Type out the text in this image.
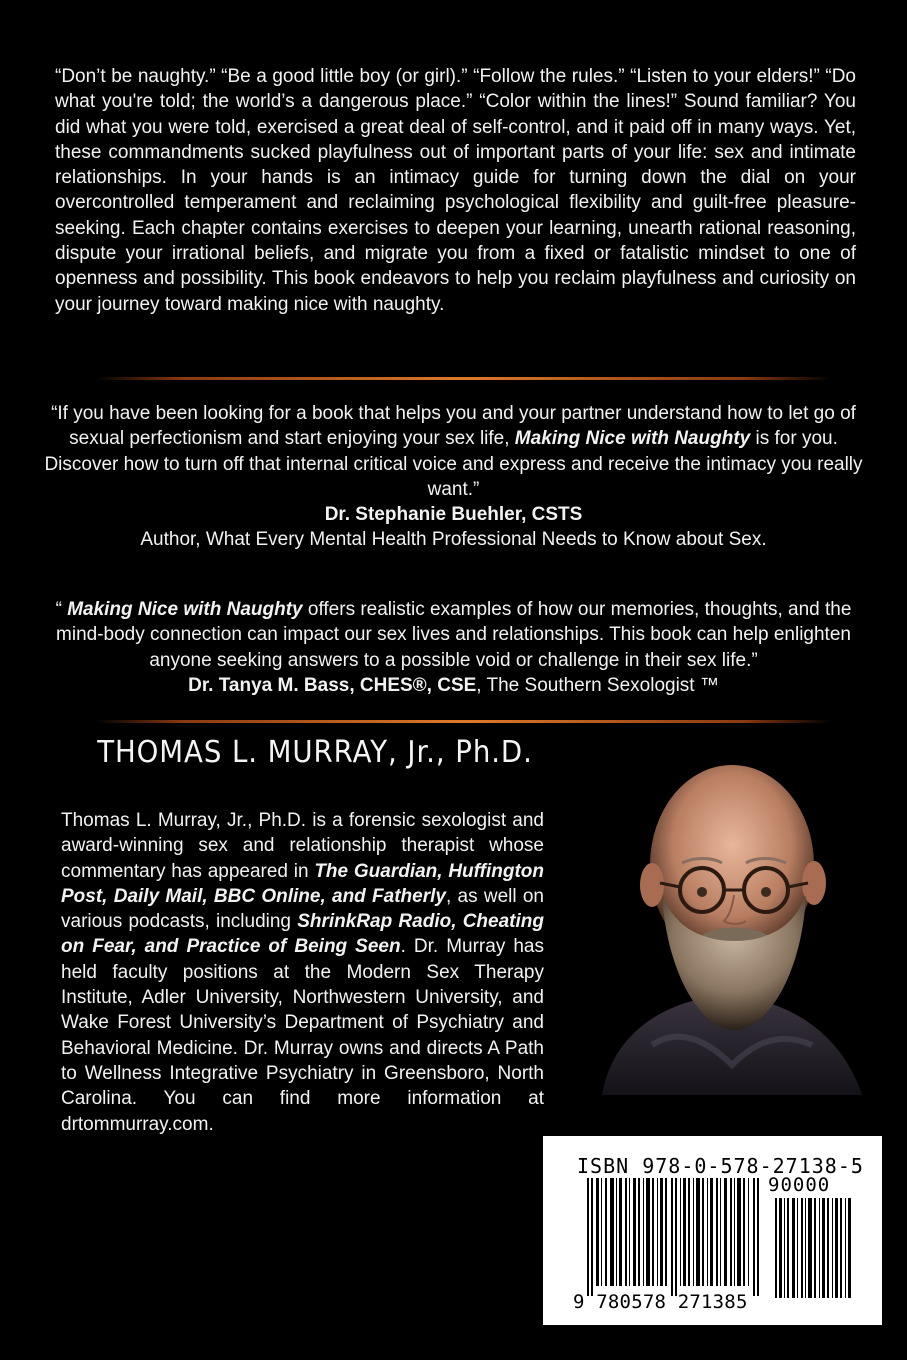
“Don’t be naughty.” “Be a good little boy (or girl).” “Follow the rules.” “Listen to your elders!” “Do what you're told; the world’s a dangerous place.” “Color within the lines!” Sound familiar? You did what you were told, exercised a great deal of self-control, and it paid off in many ways. Yet, these commandments sucked playfulness out of important parts of your life: sex and intimate relationships. In your hands is an intimacy guide for turning down the dial on your overcontrolled temperament and reclaiming psychological flexibility and guilt-free pleasure-seeking. Each chapter contains exercises to deepen your learning, unearth rational reasoning, dispute your irrational beliefs, and migrate you from a fixed or fatalistic mindset to one of openness and possibility. This book endeavors to help you reclaim playfulness and curiosity on your journey toward making nice with naughty.

“If you have been looking for a book that helps you and your partner understand how to let go of sexual perfectionism and start enjoying your sex life, Making Nice with Naughty is for you. Discover how to turn off that internal critical voice and express and receive the intimacy you really want.”
Dr. Stephanie Buehler, CSTS
Author, What Every Mental Health Professional Needs to Know about Sex.

“ Making Nice with Naughty offers realistic examples of how our memories, thoughts, and the mind-body connection can impact our sex lives and relationships. This book can help enlighten anyone seeking answers to a possible void or challenge in their sex life.”
Dr. Tanya M. Bass, CHES®, CSE, The Southern Sexologist ™

THOMAS L. MURRAY, Jr., Ph.D.

Thomas L. Murray, Jr., Ph.D. is a forensic sexologist and award-winning sex and relationship therapist whose commentary has appeared in The Guardian, Huffington Post, Daily Mail, BBC Online, and Fatherly, as well on various podcasts, including ShrinkRap Radio, Cheating on Fear, and Practice of Being Seen. Dr. Murray has held faculty positions at the Modern Sex Therapy Institute, Adler University, Northwestern University, and Wake Forest University’s Department of Psychiatry and Behavioral Medicine. Dr. Murray owns and directs A Path to Wellness Integrative Psychiatry in Greensboro, North Carolina. You can find more information at drtommurray.com.

ISBN 978-0-578-27138-5
90000
9 780578 271385
